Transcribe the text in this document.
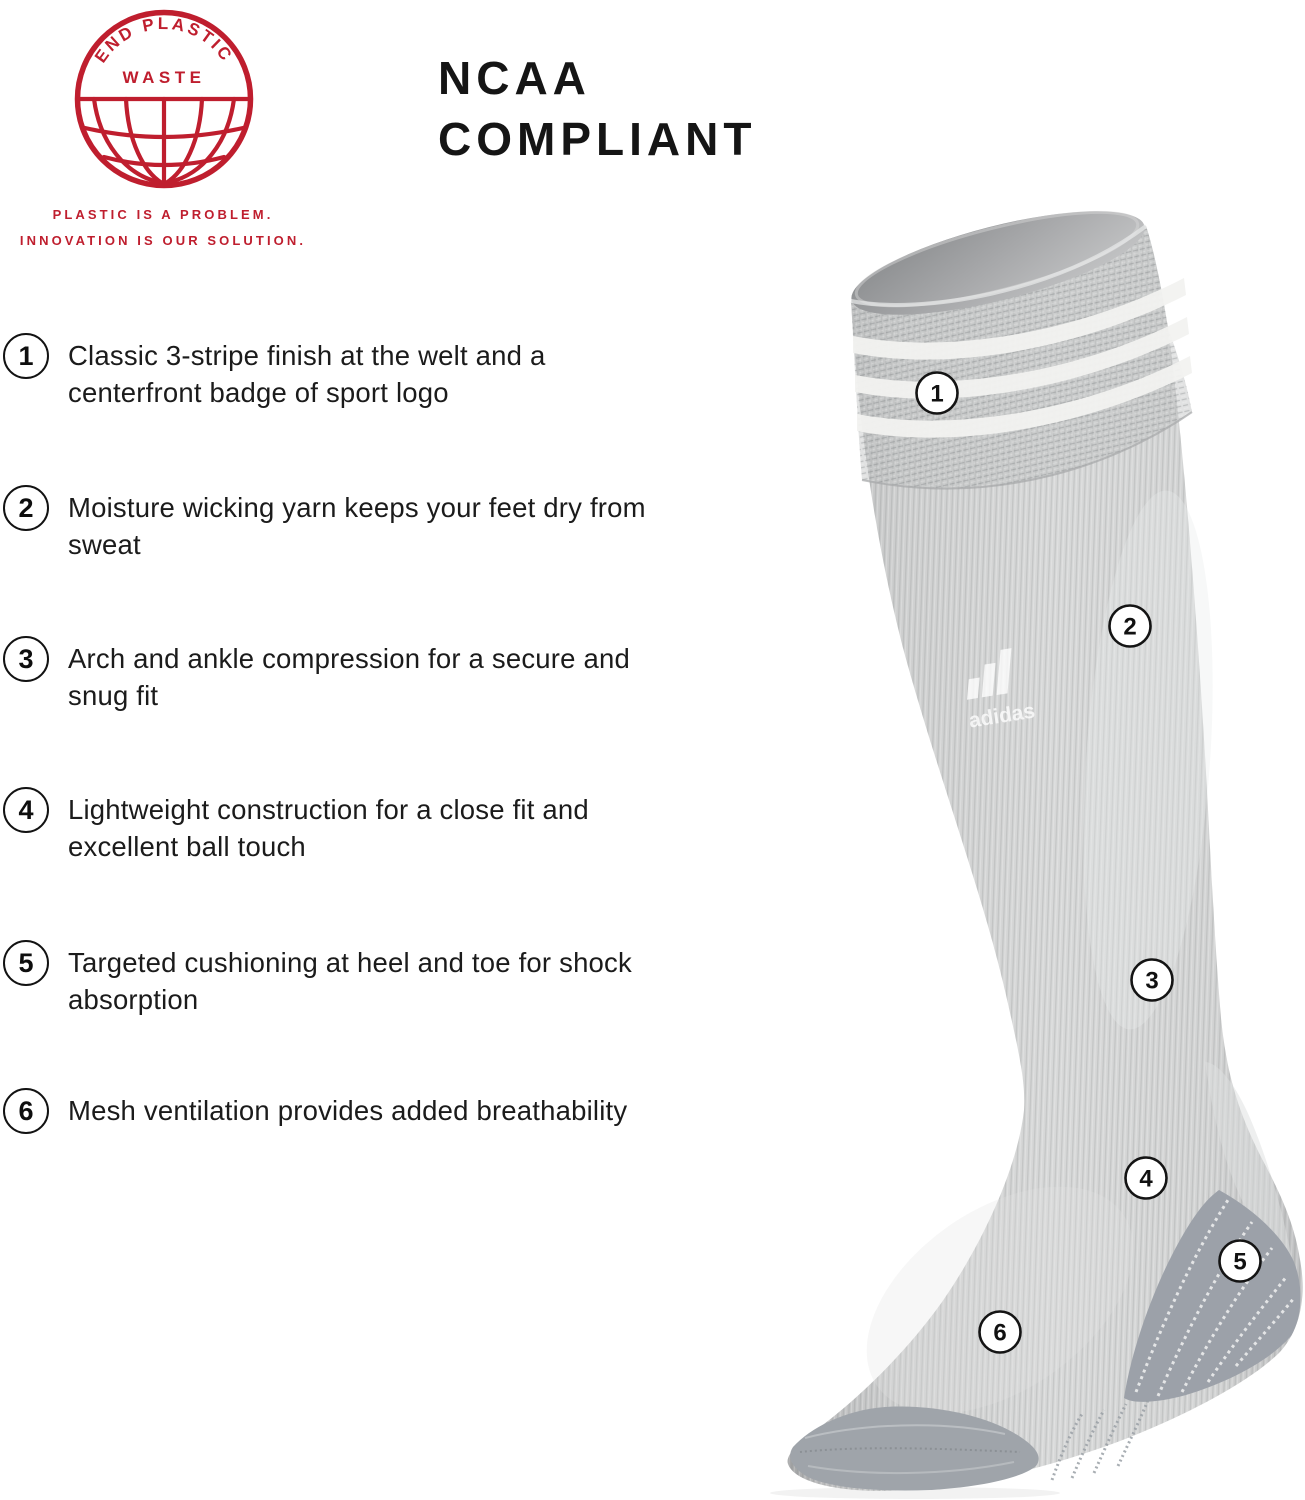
END PLASTIC
WASTE
PLASTIC IS A PROBLEM.
INNOVATION IS OUR SOLUTION.
NCAA
COMPLIANT
1	Classic 3-stripe finish at the welt and a
centerfront badge of sport logo
2	Moisture wicking yarn keeps your feet dry from
sweat
3	Arch and ankle compression for a secure and
snug fit
4	Lightweight construction for a close fit and
excellent ball touch
5	Targeted cushioning at heel and toe for shock
absorption
6	Mesh ventilation provides added breathability
adidas
1
2
3
4
5
6
